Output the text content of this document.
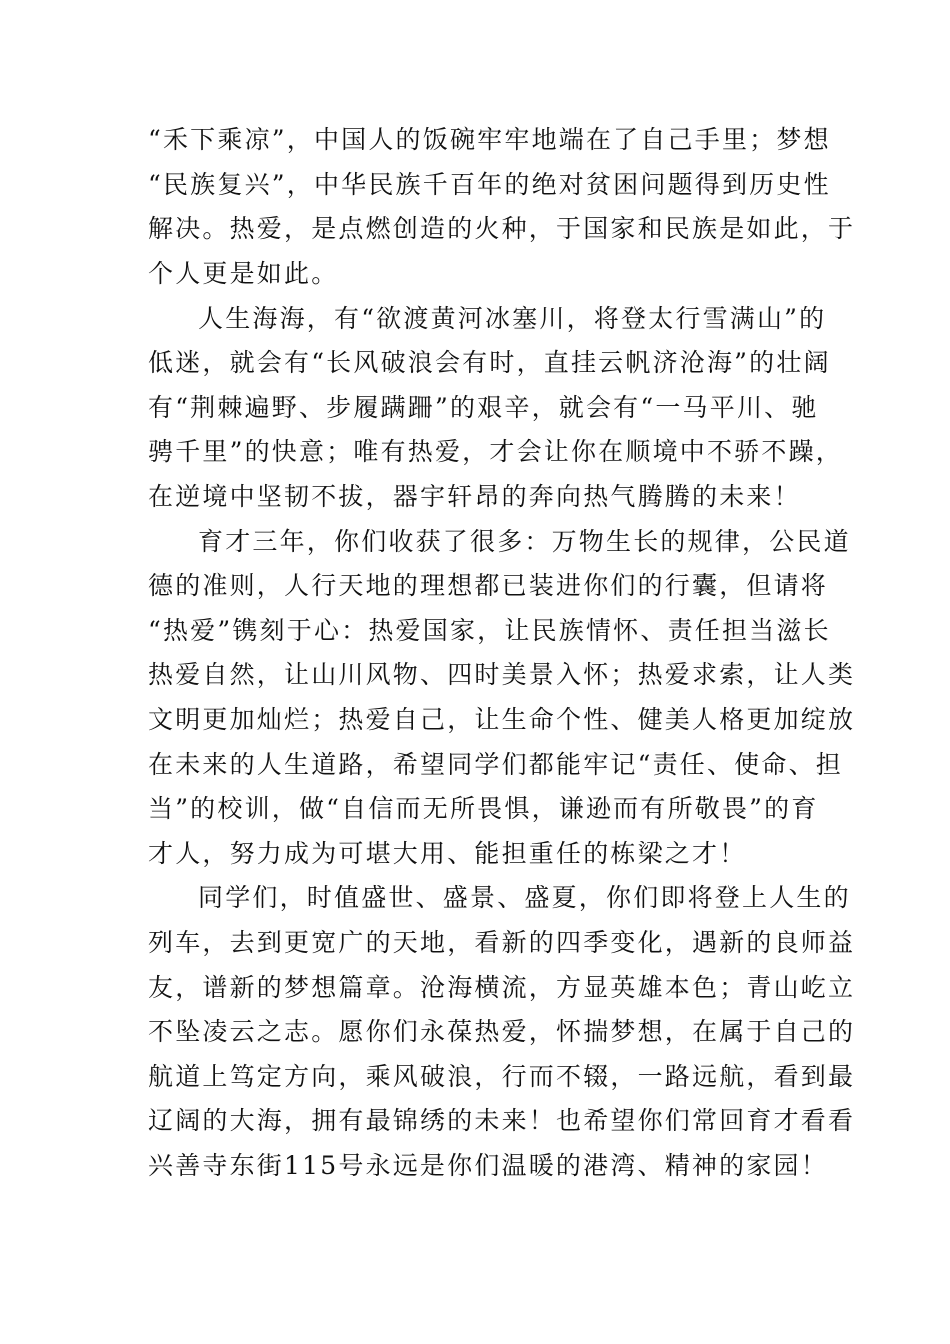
“禾下乘凉”，中国人的饭碗牢牢地端在了自己手里；梦想
“民族复兴”，中华民族千百年的绝对贫困问题得到历史性
解决。热爱，是点燃创造的火种，于国家和民族是如此，于
个人更是如此。
人生海海，有“欲渡黄河冰塞川，将登太行雪满山”的
低迷，就会有“长风破浪会有时，直挂云帆济沧海”的壮阔
有“荆棘遍野、步履蹒跚”的艰辛，就会有“一马平川、驰
骋千里”的快意；唯有热爱，才会让你在顺境中不骄不躁，
在逆境中坚韧不拔，器宇轩昂的奔向热气腾腾的未来！
育才三年，你们收获了很多：万物生长的规律，公民道
德的准则，人行天地的理想都已装进你们的行囊，但请将
“热爱”镌刻于心：热爱国家，让民族情怀、责任担当滋长
热爱自然，让山川风物、四时美景入怀；热爱求索，让人类
文明更加灿烂；热爱自己，让生命个性、健美人格更加绽放
在未来的人生道路，希望同学们都能牢记“责任、使命、担
当”的校训，做“自信而无所畏惧，谦逊而有所敬畏”的育
才人，努力成为可堪大用、能担重任的栋梁之才！
同学们，时值盛世、盛景、盛夏，你们即将登上人生的
列车，去到更宽广的天地，看新的四季变化，遇新的良师益
友，谱新的梦想篇章。沧海横流，方显英雄本色；青山屹立
不坠凌云之志。愿你们永葆热爱，怀揣梦想，在属于自己的
航道上笃定方向，乘风破浪，行而不辍，一路远航，看到最
辽阔的大海，拥有最锦绣的未来！也希望你们常回育才看看
兴善寺东街115号永远是你们温暖的港湾、精神的家园！
